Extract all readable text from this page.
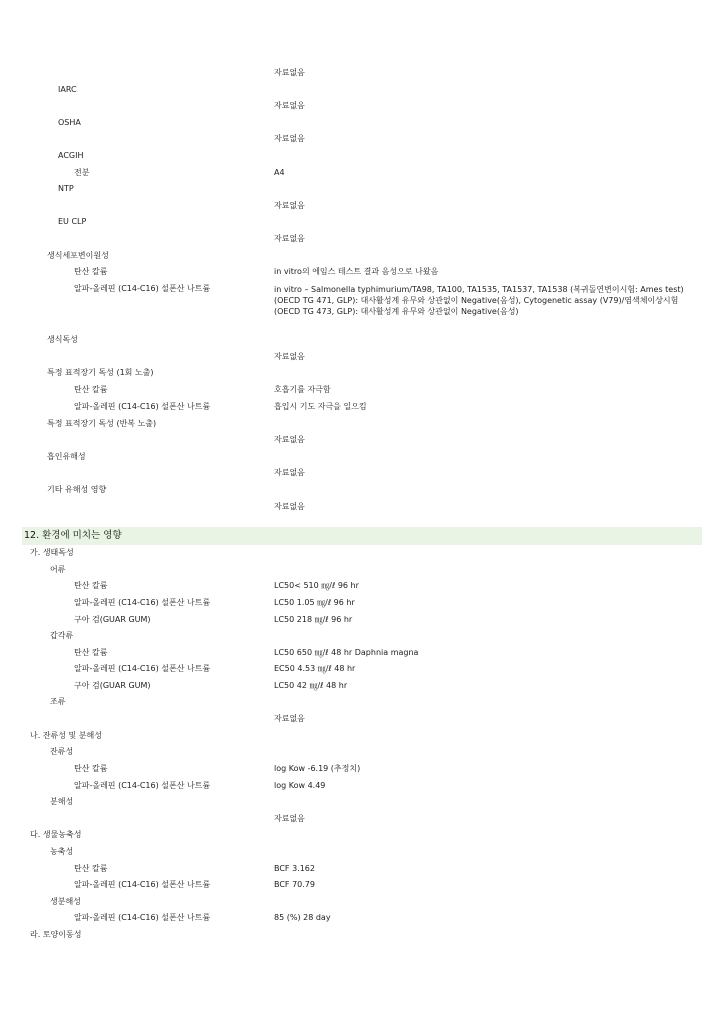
자료없음
IARC
자료없음
OSHA
자료없음
ACGIH
전분	A4
NTP
자료없음
EU CLP
자료없음
생식세포변이원성
탄산 칼륨	in vitro의 에임스 테스트 결과 음성으로 나왔음
알파-올레핀 (C14-C16) 설폰산 나트륨	in vitro – Salmonella typhimurium/TA98, TA100, TA1535, TA1537, TA1538 (복귀돌연변이시험: Ames test) (OECD TG 471, GLP): 대사활성계 유무와 상관없이 Negative(음성), Cytogenetic assay (V79)/염색체이상시험 (OECD TG 473, GLP): 대사활성계 유무와 상관없이 Negative(음성)
생식독성
자료없음
특정 표적장기 독성 (1회 노출)
탄산 칼륨	호흡기를 자극함
알파-올레핀 (C14-C16) 설폰산 나트륨	흡입시 기도 자극을 일으킴
특정 표적장기 독성 (반복 노출)
자료없음
흡인유해성
자료없음
기타 유해성 영향
자료없음
12. 환경에 미치는 영향
가. 생태독성
어류
탄산 칼륨	LC50< 510 ㎎/ℓ 96 hr
알파-올레핀 (C14-C16) 설폰산 나트륨	LC50 1.05 ㎎/ℓ 96 hr
구아 검(GUAR GUM)	LC50 218 ㎎/ℓ 96 hr
갑각류
탄산 칼륨	LC50 650 ㎎/ℓ 48 hr Daphnia magna
알파-올레핀 (C14-C16) 설폰산 나트륨	EC50 4.53 ㎎/ℓ 48 hr
구아 검(GUAR GUM)	LC50 42 ㎎/ℓ 48 hr
조류
자료없음
나. 잔류성 및 분해성
잔류성
탄산 칼륨	log Kow -6.19 (추정치)
알파-올레핀 (C14-C16) 설폰산 나트륨	log Kow 4.49
분해성
자료없음
다. 생물농축성
농축성
탄산 칼륨	BCF 3.162
알파-올레핀 (C14-C16) 설폰산 나트륨	BCF 70.79
생분해성
알파-올레핀 (C14-C16) 설폰산 나트륨	85 (%) 28 day
라. 토양이동성
